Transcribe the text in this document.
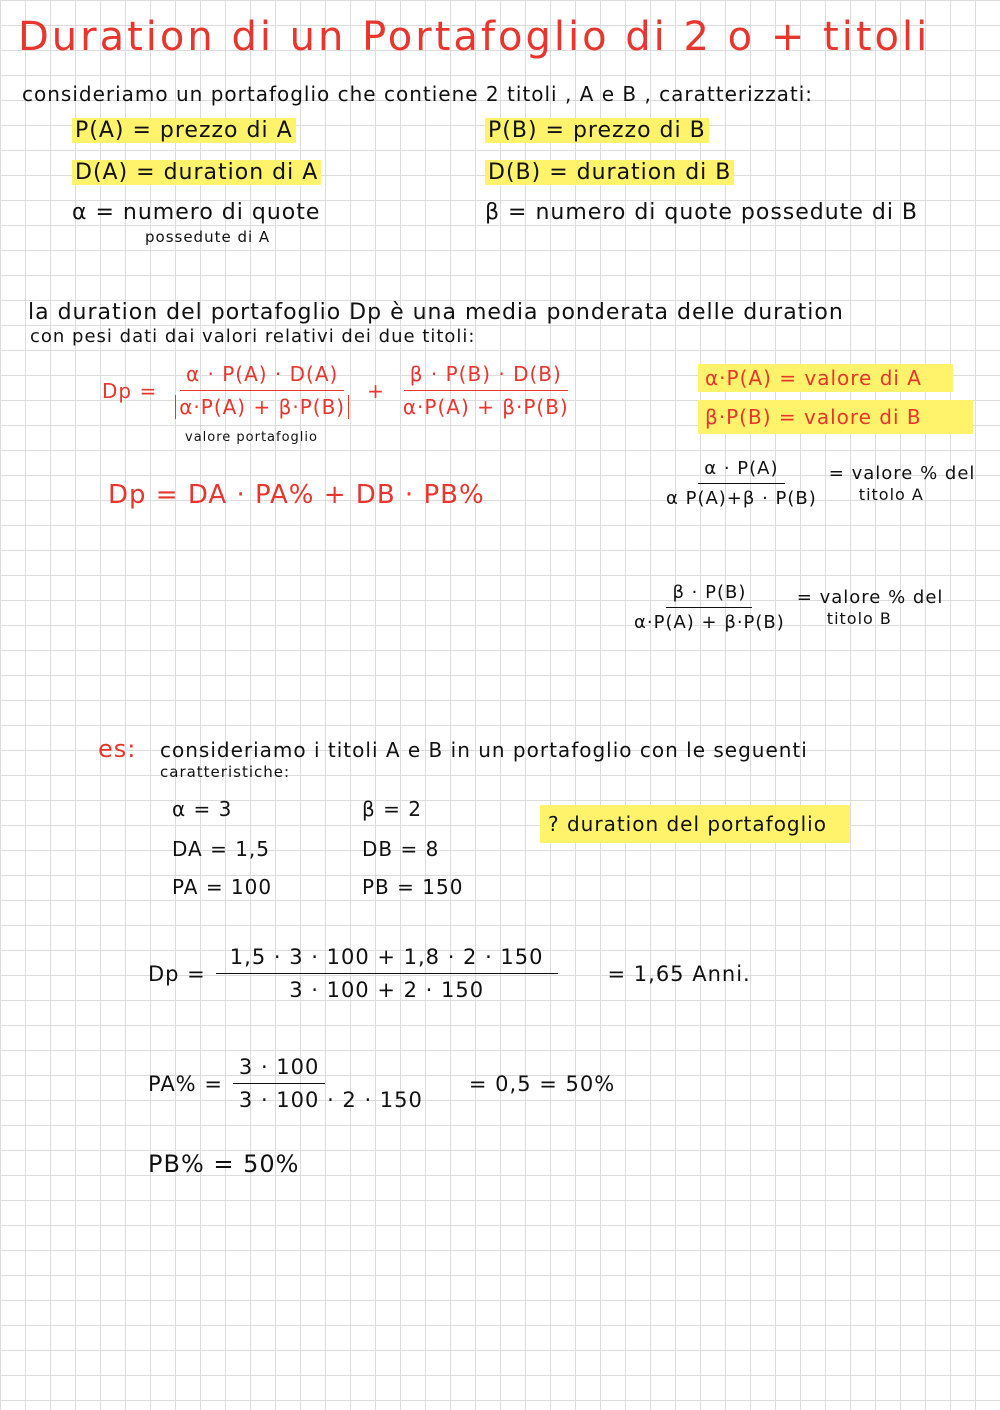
Duration di un Portafoglio di 2 o + titoli
consideriamo un portafoglio che contiene 2 titoli , A e B , caratterizzati:
P(A) = prezzo di A
D(A) = duration di A
α = numero di quote
possedute di A
P(B) = prezzo di B
D(B) = duration di B
β = numero di quote possedute di B
la duration del portafoglio Dp è una media ponderata delle duration
con pesi dati dai valori relativi dei due titoli:
$Dp = \frac{\alpha \cdot P(A) \cdot D(A)}{\alpha\cdot P(A) + \beta\cdot P(B)} + \frac{\beta \cdot P(B) \cdot D(B)}{\alpha\cdot P(A) + \beta\cdot P(B)}$
valore portafoglio
α·P(A) = valore di A
β·P(B) = valore di B
Dp = DA · PA% + DB · PB%	$\frac{\alpha \cdot P(A)}{\text{α P(A)+β · P(B)}}$ = valore % del
titolo A
$\frac{\beta \cdot P(B)}{\alpha\cdot P(A) + \beta\cdot P(B)}$ = valore % del
titolo B
es: consideriamo i titoli A e B in un portafoglio con le seguenti
caratteristiche:
α = 3	β = 2
DA = 1,5	DB = 8
PA = 100	PB = 150
? duration del portafoglio
$Dp = \frac{1,5 \cdot 3 \cdot 100 + 1,8 \cdot 2 \cdot 150}{3 \cdot 100 + 2 \cdot 150} = 1,65$ Anni.
$PA\% = \frac{3 \cdot 100}{3 \cdot 100 \cdot 2 \cdot 150} = 0,5 = 50\%$
PB% = 50%
